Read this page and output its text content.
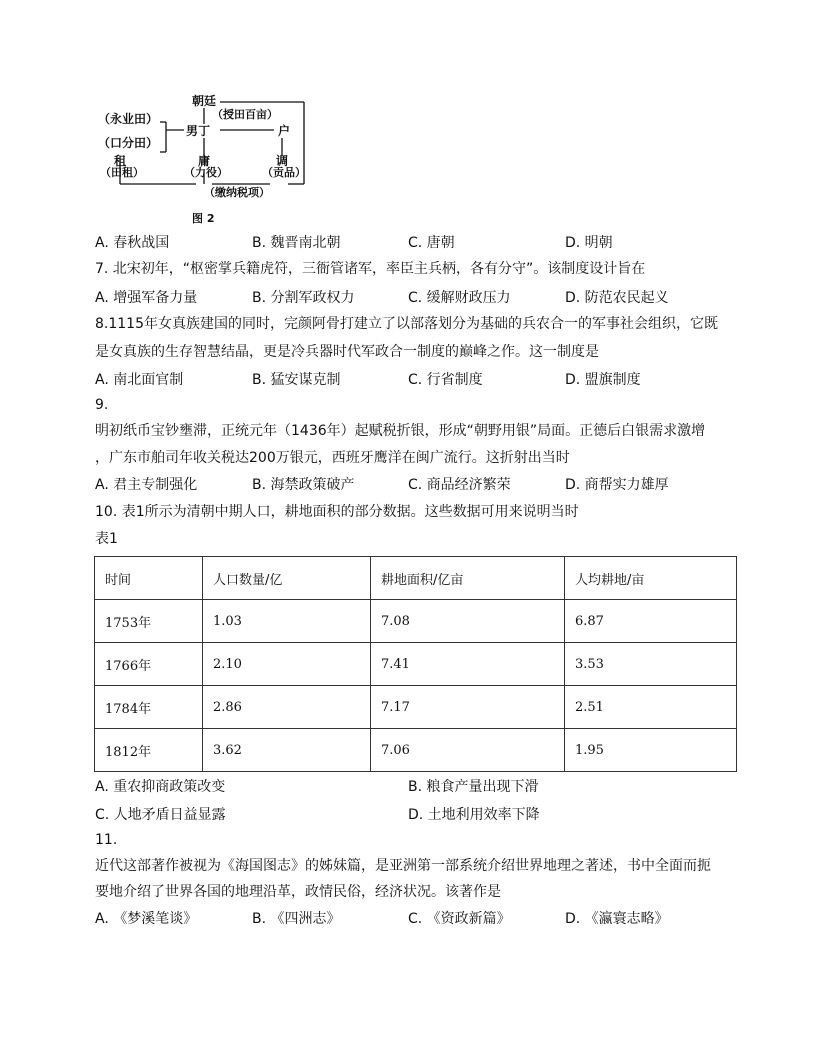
朝廷
（授田百亩）
（永业田）
（口分田）
男丁	户
租
（田租）
庸
（力役）
调
（贡品）
（缴纳税项）
图 2
A. 春秋战国	B. 魏晋南北朝	C. 唐朝	D. 明朝
7. 北宋初年，“枢密掌兵籍虎符，三衙管诸军，率臣主兵柄，各有分守”。该制度设计旨在
A. 增强军备力量	B. 分割军政权力	C. 缓解财政压力	D. 防范农民起义
8.1115年女真族建国的同时，完颜阿骨打建立了以部落划分为基础的兵农合一的军事社会组织，它既
是女真族的生存智慧结晶，更是冷兵器时代军政合一制度的巅峰之作。这一制度是
A. 南北面官制	B. 猛安谋克制	C. 行省制度	D. 盟旗制度
9.
明初纸币宝钞壅滞，正统元年（1436年）起赋税折银，形成“朝野用银”局面。正德后白银需求激增
，广东市舶司年收关税达200万银元，西班牙鹰洋在闽广流行。这折射出当时
A. 君主专制强化	B. 海禁政策破产	C. 商品经济繁荣	D. 商帮实力雄厚
10. 表1所示为清朝中期人口，耕地面积的部分数据。这些数据可用来说明当时
表1
时间	人口数量/亿	耕地面积/亿亩	人均耕地/亩
1753年	1.03	7.08	6.87
1766年	2.10	7.41	3.53
1784年	2.86	7.17	2.51
1812年	3.62	7.06	1.95
A. 重农抑商政策改变	B. 粮食产量出现下滑
C. 人地矛盾日益显露	D. 土地利用效率下降
11.
近代这部著作被视为《海国图志》的姊妹篇，是亚洲第一部系统介绍世界地理之著述，书中全面而扼
要地介绍了世界各国的地理沿革，政情民俗，经济状况。该著作是
A. 《梦溪笔谈》	B. 《四洲志》	C. 《资政新篇》	D. 《瀛寰志略》
